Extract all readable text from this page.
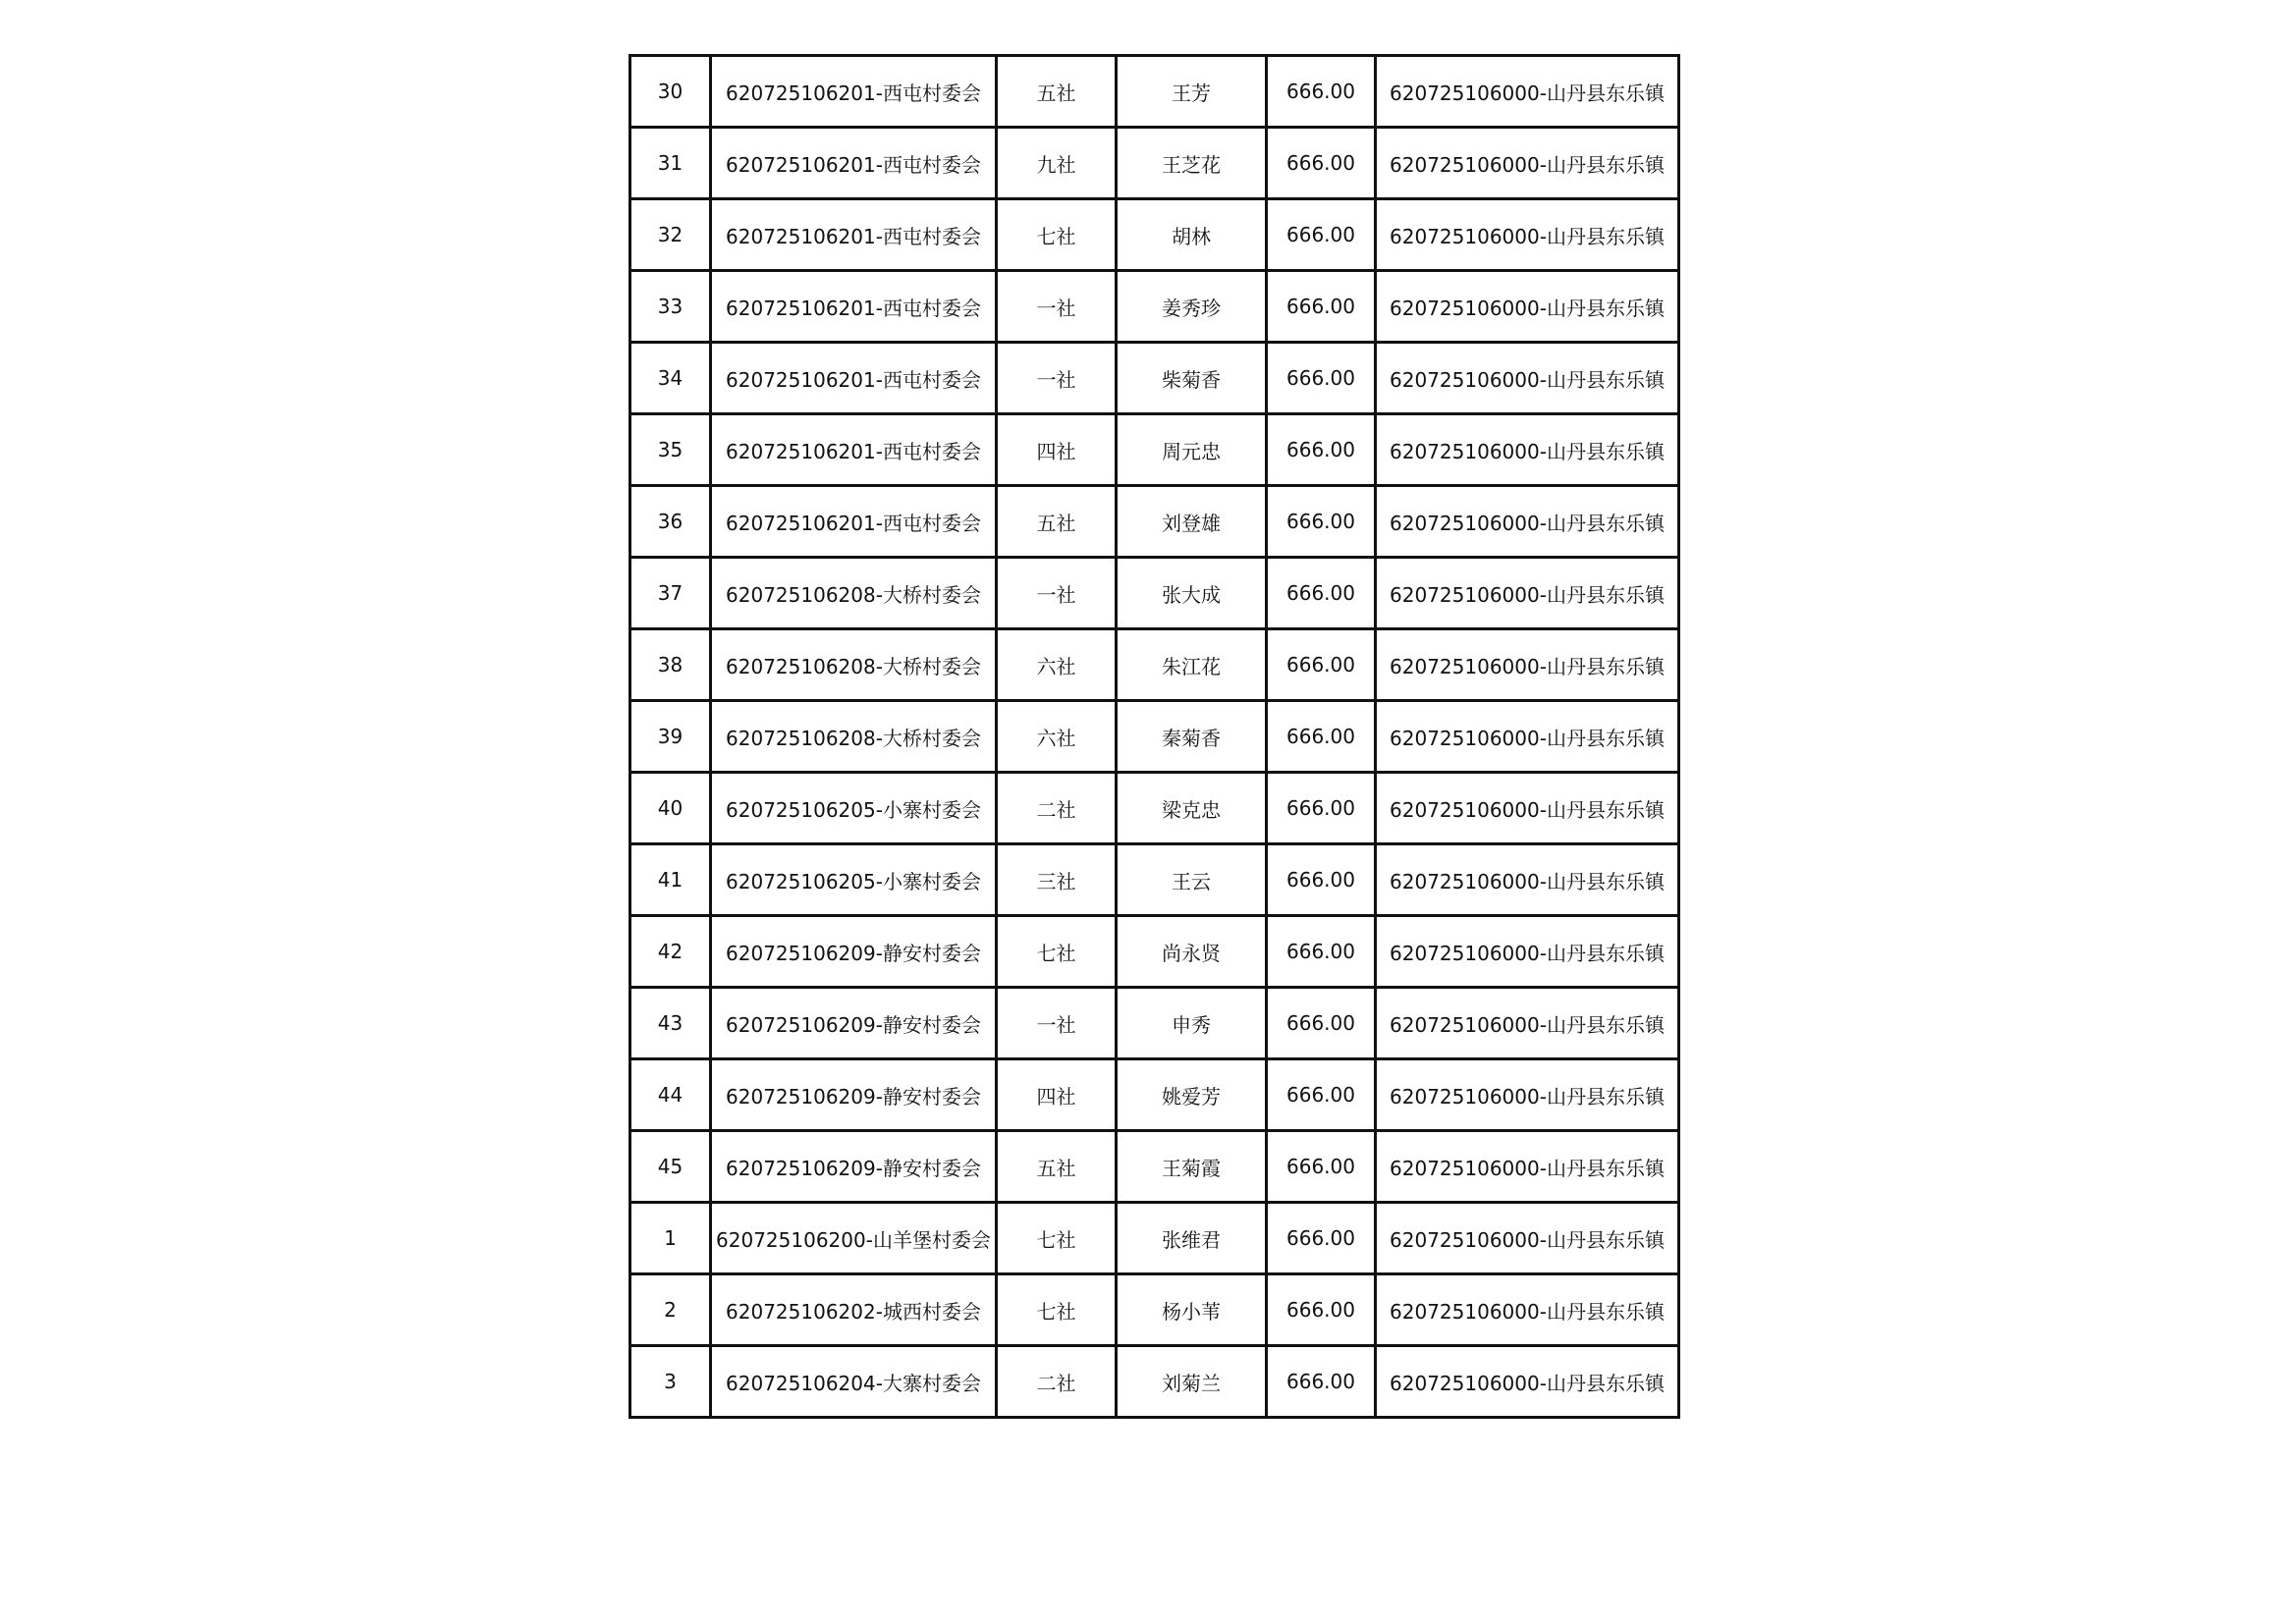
30	620725106201-西屯村委会	五社	王芳	666.00	620725106000-山丹县东乐镇
31	620725106201-西屯村委会	九社	王芝花	666.00	620725106000-山丹县东乐镇
32	620725106201-西屯村委会	七社	胡林	666.00	620725106000-山丹县东乐镇
33	620725106201-西屯村委会	一社	姜秀珍	666.00	620725106000-山丹县东乐镇
34	620725106201-西屯村委会	一社	柴菊香	666.00	620725106000-山丹县东乐镇
35	620725106201-西屯村委会	四社	周元忠	666.00	620725106000-山丹县东乐镇
36	620725106201-西屯村委会	五社	刘登雄	666.00	620725106000-山丹县东乐镇
37	620725106208-大桥村委会	一社	张大成	666.00	620725106000-山丹县东乐镇
38	620725106208-大桥村委会	六社	朱江花	666.00	620725106000-山丹县东乐镇
39	620725106208-大桥村委会	六社	秦菊香	666.00	620725106000-山丹县东乐镇
40	620725106205-小寨村委会	二社	梁克忠	666.00	620725106000-山丹县东乐镇
41	620725106205-小寨村委会	三社	王云	666.00	620725106000-山丹县东乐镇
42	620725106209-静安村委会	七社	尚永贤	666.00	620725106000-山丹县东乐镇
43	620725106209-静安村委会	一社	申秀	666.00	620725106000-山丹县东乐镇
44	620725106209-静安村委会	四社	姚爱芳	666.00	620725106000-山丹县东乐镇
45	620725106209-静安村委会	五社	王菊霞	666.00	620725106000-山丹县东乐镇
1	620725106200-山羊堡村委会	七社	张维君	666.00	620725106000-山丹县东乐镇
2	620725106202-城西村委会	七社	杨小苇	666.00	620725106000-山丹县东乐镇
3	620725106204-大寨村委会	二社	刘菊兰	666.00	620725106000-山丹县东乐镇
